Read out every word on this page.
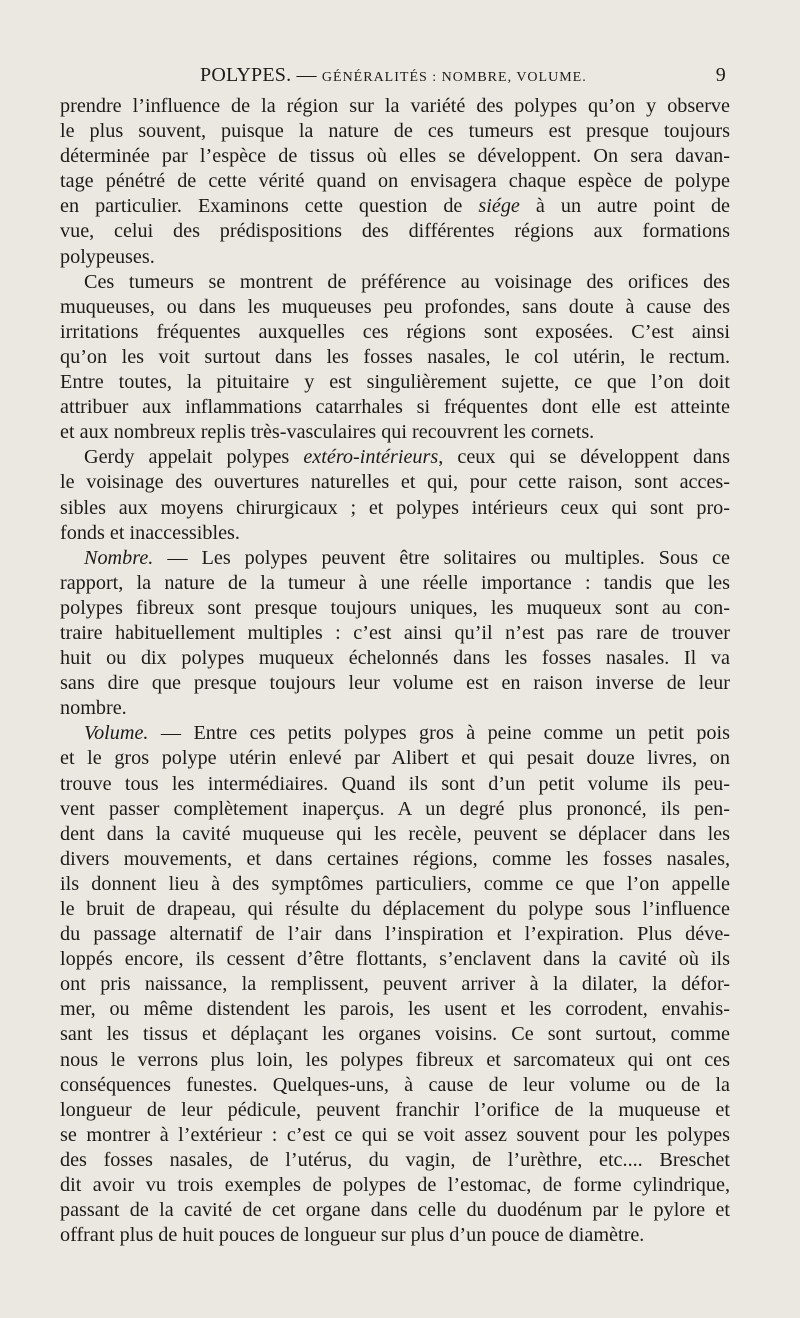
POLYPES. — GÉNÉRALITÉS : NOMBRE, VOLUME.	9

prendre l’influence de la région sur la variété des polypes qu’on y observe
le plus souvent, puisque la nature de ces tumeurs est presque toujours
déterminée par l’espèce de tissus où elles se développent. On sera davan-
tage pénétré de cette vérité quand on envisagera chaque espèce de polype
en particulier. Examinons cette question de siége à un autre point de
vue, celui des prédispositions des différentes régions aux formations
polypeuses.

Ces tumeurs se montrent de préférence au voisinage des orifices des
muqueuses, ou dans les muqueuses peu profondes, sans doute à cause des
irritations fréquentes auxquelles ces régions sont exposées. C’est ainsi
qu’on les voit surtout dans les fosses nasales, le col utérin, le rectum.
Entre toutes, la pituitaire y est singulièrement sujette, ce que l’on doit
attribuer aux inflammations catarrhales si fréquentes dont elle est atteinte
et aux nombreux replis très-vasculaires qui recouvrent les cornets.

Gerdy appelait polypes extéro-intérieurs, ceux qui se développent dans
le voisinage des ouvertures naturelles et qui, pour cette raison, sont acces-
sibles aux moyens chirurgicaux ; et polypes intérieurs ceux qui sont pro-
fonds et inaccessibles.

Nombre. — Les polypes peuvent être solitaires ou multiples. Sous ce
rapport, la nature de la tumeur à une réelle importance : tandis que les
polypes fibreux sont presque toujours uniques, les muqueux sont au con-
traire habituellement multiples : c’est ainsi qu’il n’est pas rare de trouver
huit ou dix polypes muqueux échelonnés dans les fosses nasales. Il va
sans dire que presque toujours leur volume est en raison inverse de leur
nombre.

Volume. — Entre ces petits polypes gros à peine comme un petit pois
et le gros polype utérin enlevé par Alibert et qui pesait douze livres, on
trouve tous les intermédiaires. Quand ils sont d’un petit volume ils peu-
vent passer complètement inaperçus. A un degré plus prononcé, ils pen-
dent dans la cavité muqueuse qui les recèle, peuvent se déplacer dans les
divers mouvements, et dans certaines régions, comme les fosses nasales,
ils donnent lieu à des symptômes particuliers, comme ce que l’on appelle
le bruit de drapeau, qui résulte du déplacement du polype sous l’influence
du passage alternatif de l’air dans l’inspiration et l’expiration. Plus déve-
loppés encore, ils cessent d’être flottants, s’enclavent dans la cavité où ils
ont pris naissance, la remplissent, peuvent arriver à la dilater, la défor-
mer, ou même distendent les parois, les usent et les corrodent, envahis-
sant les tissus et déplaçant les organes voisins. Ce sont surtout, comme
nous le verrons plus loin, les polypes fibreux et sarcomateux qui ont ces
conséquences funestes. Quelques-uns, à cause de leur volume ou de la
longueur de leur pédicule, peuvent franchir l’orifice de la muqueuse et
se montrer à l’extérieur : c’est ce qui se voit assez souvent pour les polypes
des fosses nasales, de l’utérus, du vagin, de l’urèthre, etc.... Breschet
dit avoir vu trois exemples de polypes de l’estomac, de forme cylindrique,
passant de la cavité de cet organe dans celle du duodénum par le pylore et
offrant plus de huit pouces de longueur sur plus d’un pouce de diamètre.
